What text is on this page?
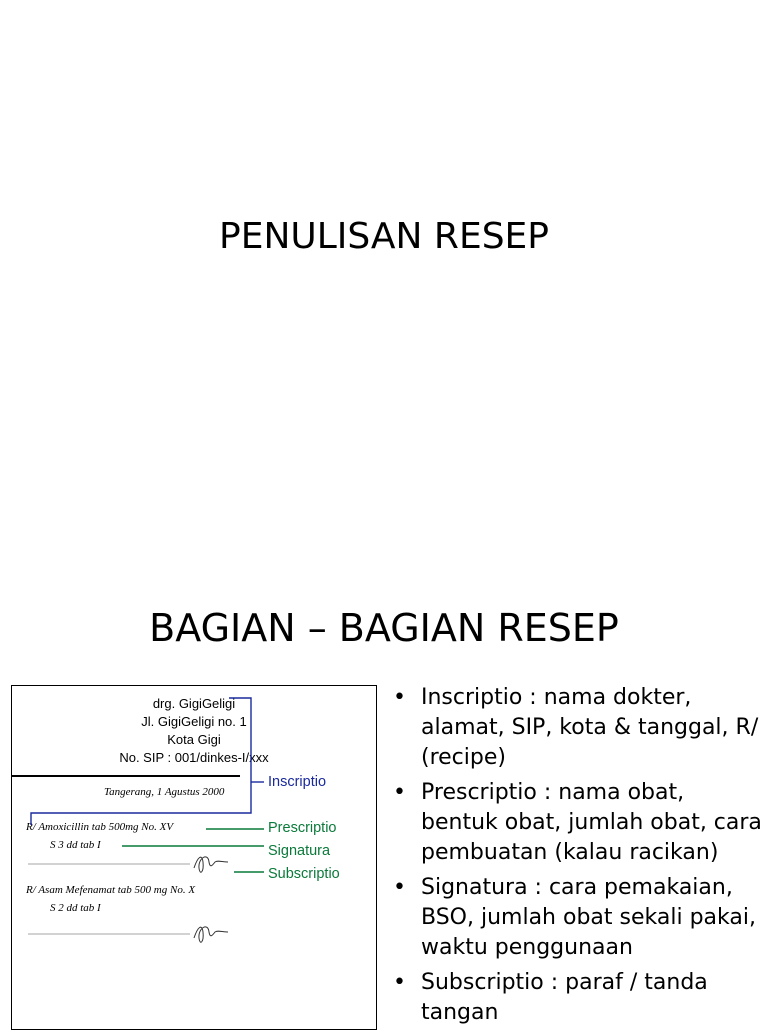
PENULISAN RESEP
BAGIAN – BAGIAN RESEP
drg. GigiGeligi
Jl. GigiGeligi no. 1
Kota Gigi
No. SIP : 001/dinkes-I/xxx
Tangerang, 1 Agustus 2000
R/ Amoxicillin tab 500mg No. XV
S 3 dd tab I
R/ Asam Mefenamat tab 500 mg No. X
S 2 dd tab I
Inscriptio
Prescriptio
Signatura
Subscriptio
• Inscriptio : nama dokter, alamat, SIP, kota & tanggal, R/ (recipe)
• Prescriptio : nama obat, bentuk obat, jumlah obat, cara pembuatan (kalau racikan)
• Signatura : cara pemakaian, BSO, jumlah obat sekali pakai, waktu penggunaan
• Subscriptio : paraf / tanda tangan
